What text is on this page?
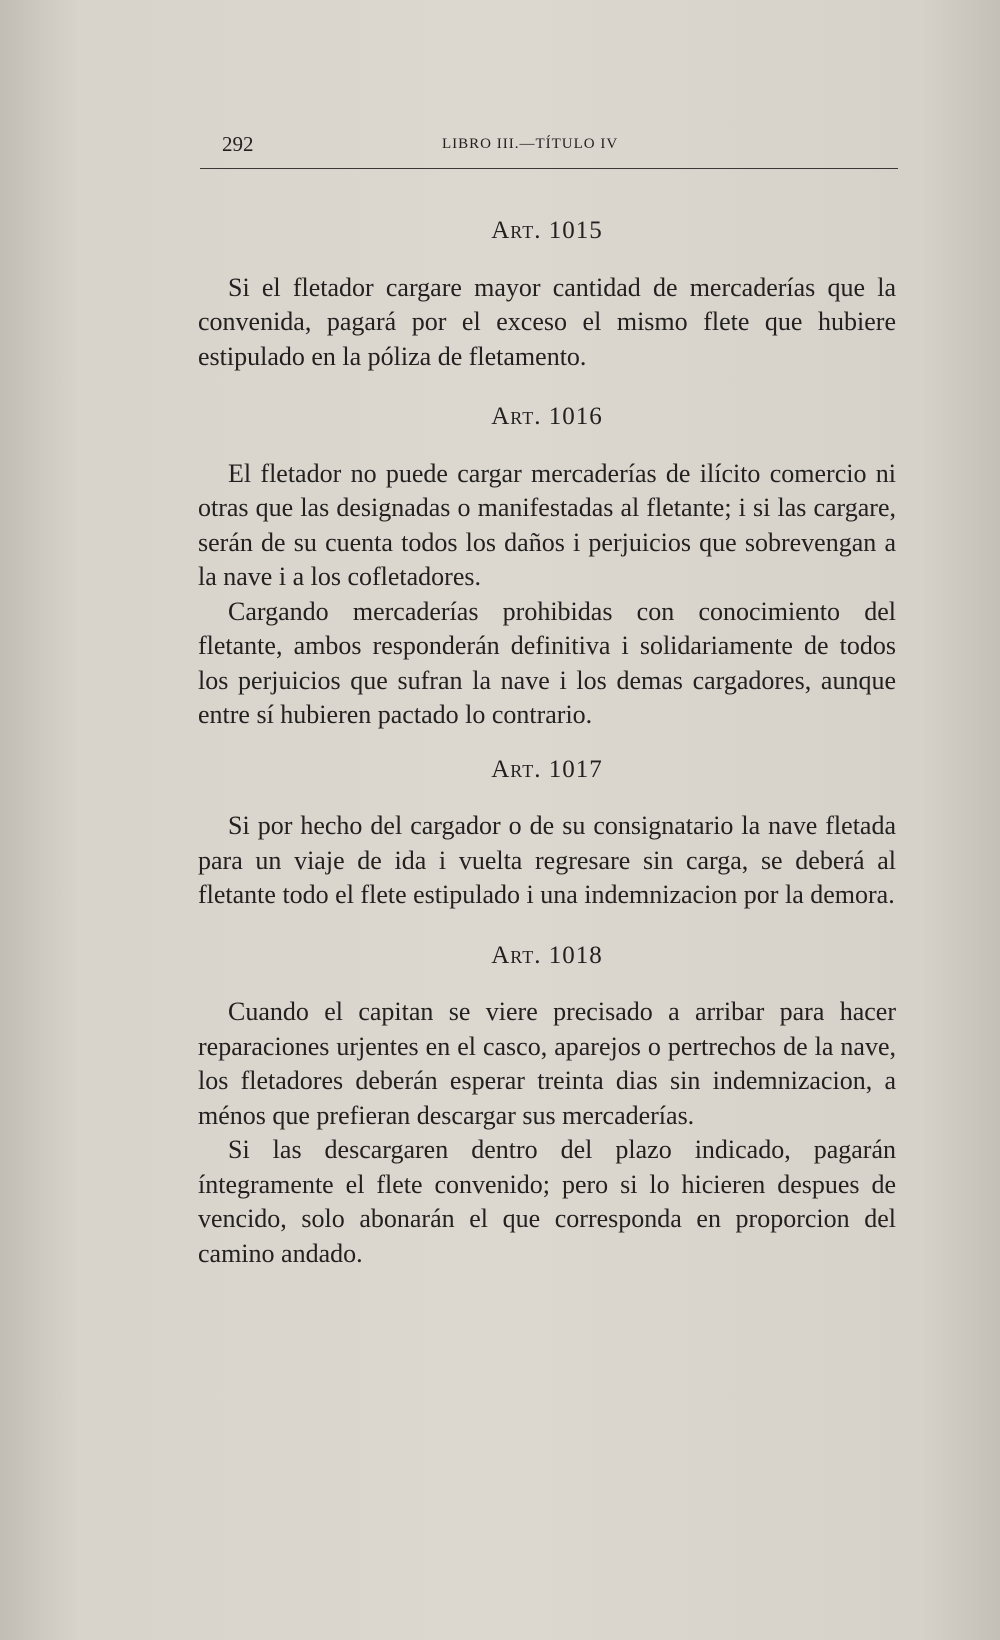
292	LIBRO III.—TÍTULO IV
Art. 1015

Si el fletador cargare mayor cantidad de mercaderías que la convenida, pagará por el exceso el mismo flete que hubiere estipulado en la póliza de fletamento.

Art. 1016

El fletador no puede cargar mercaderías de ilícito comercio ni otras que las designadas o manifestadas al fletante; i si las cargare, serán de su cuenta todos los daños i perjuicios que sobrevengan a la nave i a los cofletadores.

Cargando mercaderías prohibidas con conocimiento del fletante, ambos responderán definitiva i solidariamente de todos los perjuicios que sufran la nave i los demas cargadores, aunque entre sí hubieren pactado lo contrario.

Art. 1017

Si por hecho del cargador o de su consignatario la nave fletada para un viaje de ida i vuelta regresare sin carga, se deberá al fletante todo el flete estipulado i una indemnizacion por la demora.

Art. 1018

Cuando el capitan se viere precisado a arribar para hacer reparaciones urjentes en el casco, aparejos o pertrechos de la nave, los fletadores deberán esperar treinta dias sin indemnizacion, a ménos que prefieran descargar sus mercaderías.

Si las descargaren dentro del plazo indicado, pagarán íntegramente el flete convenido; pero si lo hicieren despues de vencido, solo abonarán el que corresponda en proporcion del camino andado.
